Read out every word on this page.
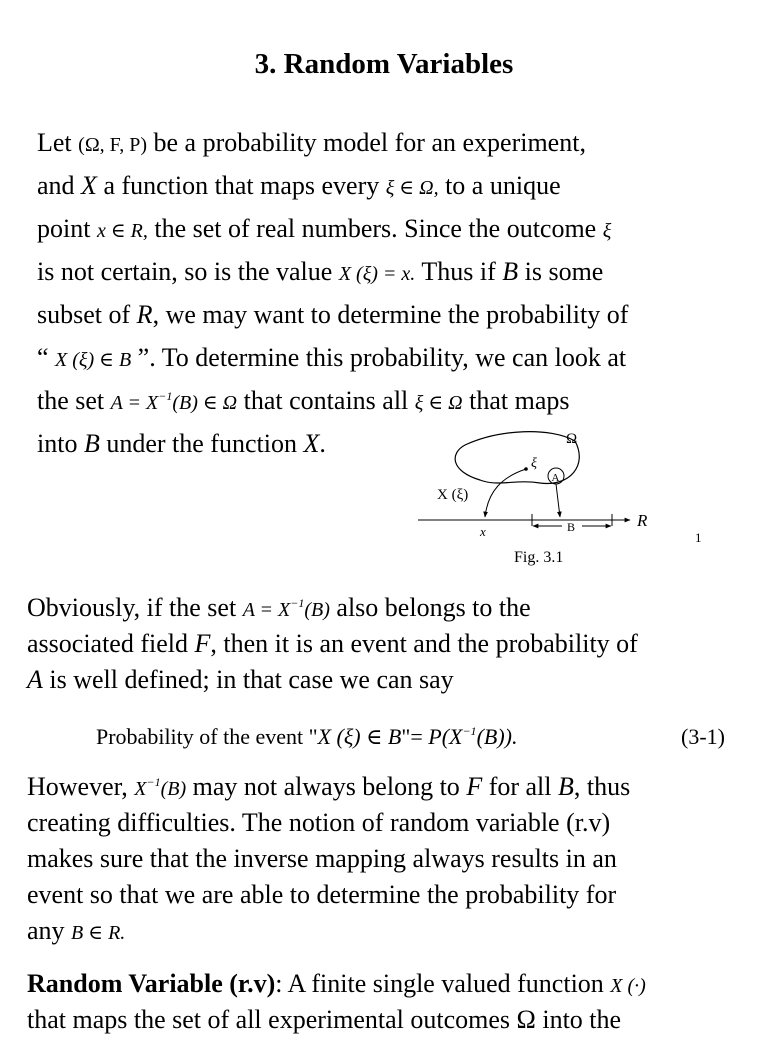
3. Random Variables
Let (Ω, F, P) be a probability model for an experiment,
and X a function that maps every ξ ∈ Ω, to a unique
point x ∈ R, the set of real numbers. Since the outcome ξ
is not certain, so is the value X (ξ) = x. Thus if B is some
subset of R, we may want to determine the probability of
“ X (ξ) ∈ B ”. To determine this probability, we can look at
the set $A = X^{-1}(B)$ ∈ Ω that contains all ξ ∈ Ω that maps
into B under the function X.	Ω
ξ
A
X (ξ)
R
x	B
1
Fig. 3.1
Obviously, if the set $A = X^{-1}(B)$ also belongs to the
associated field F, then it is an event and the probability of
A is well defined; in that case we can say
Probability of the event "X (ξ) ∈ B"= $P(X^{-1}(B))$.	(3-1)
However, $X^{-1}(B)$ may not always belong to F for all B, thus
creating difficulties. The notion of random variable (r.v)
makes sure that the inverse mapping always results in an
event so that we are able to determine the probability for
any B ∈ R.
Random Variable (r.v): A finite single valued function X (·)
that maps the set of all experimental outcomes Ω into the
